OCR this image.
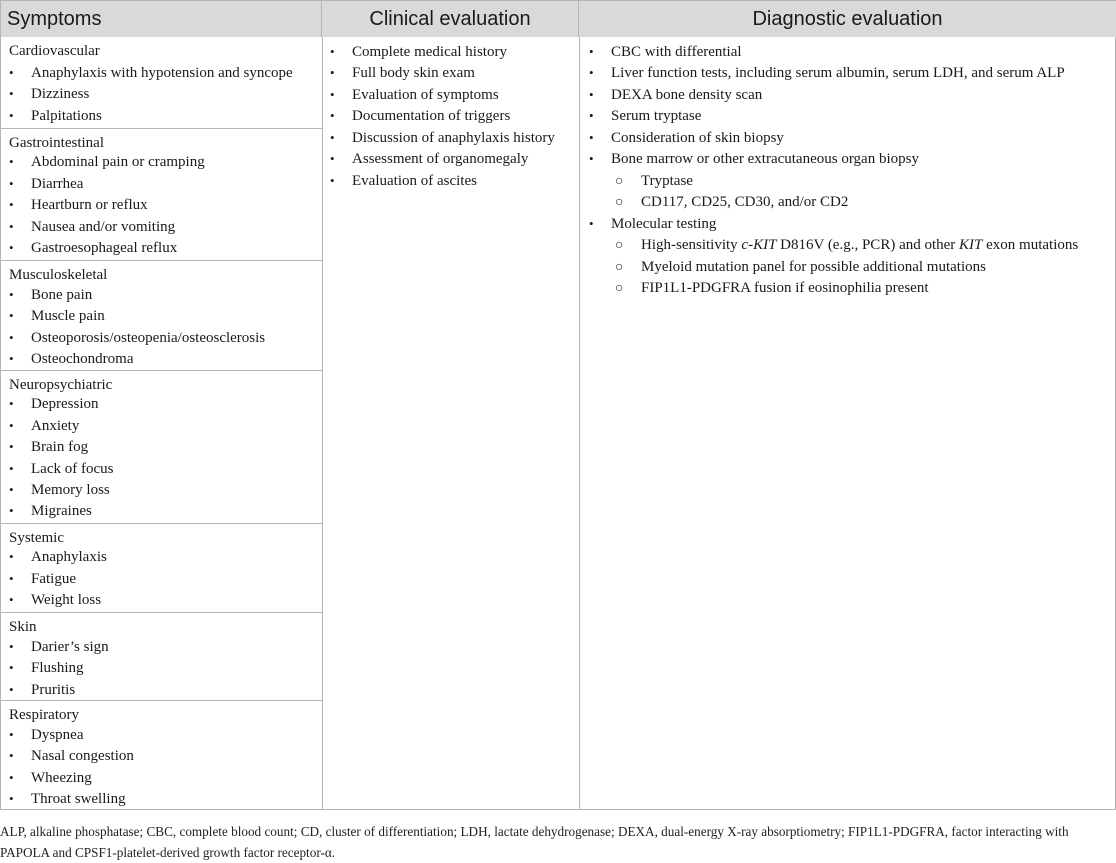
Symptoms	Clinical evaluation	Diagnostic evaluation
Cardiovascular
• Anaphylaxis with hypotension and syncope
• Dizziness
• Palpitations
Gastrointestinal
• Abdominal pain or cramping
• Diarrhea
• Heartburn or reflux
• Nausea and/or vomiting
• Gastroesophageal reflux
Musculoskeletal
• Bone pain
• Muscle pain
• Osteoporosis/osteopenia/osteosclerosis
• Osteochondroma
Neuropsychiatric
• Depression
• Anxiety
• Brain fog
• Lack of focus
• Memory loss
• Migraines
Systemic
• Anaphylaxis
• Fatigue
• Weight loss
Skin
• Darier’s sign
• Flushing
• Pruritis
Respiratory
• Dyspnea
• Nasal congestion
• Wheezing
• Throat swelling
• Complete medical history
• Full body skin exam
• Evaluation of symptoms
• Documentation of triggers
• Discussion of anaphylaxis history
• Assessment of organomegaly
• Evaluation of ascites
• CBC with differential
• Liver function tests, including serum albumin, serum LDH, and serum ALP
• DEXA bone density scan
• Serum tryptase
• Consideration of skin biopsy
• Bone marrow or other extracutaneous organ biopsy
○ Tryptase
○ CD117, CD25, CD30, and/or CD2
• Molecular testing
○ High-sensitivity c-KIT D816V (e.g., PCR) and other KIT exon mutations
○ Myeloid mutation panel for possible additional mutations
○ FIP1L1-PDGFRA fusion if eosinophilia present
ALP, alkaline phosphatase; CBC, complete blood count; CD, cluster of differentiation; LDH, lactate dehydrogenase; DEXA, dual-energy X-ray absorptiometry; FIP1L1-PDGFRA, factor interacting with PAPOLA and CPSF1-platelet-derived growth factor receptor-α.
